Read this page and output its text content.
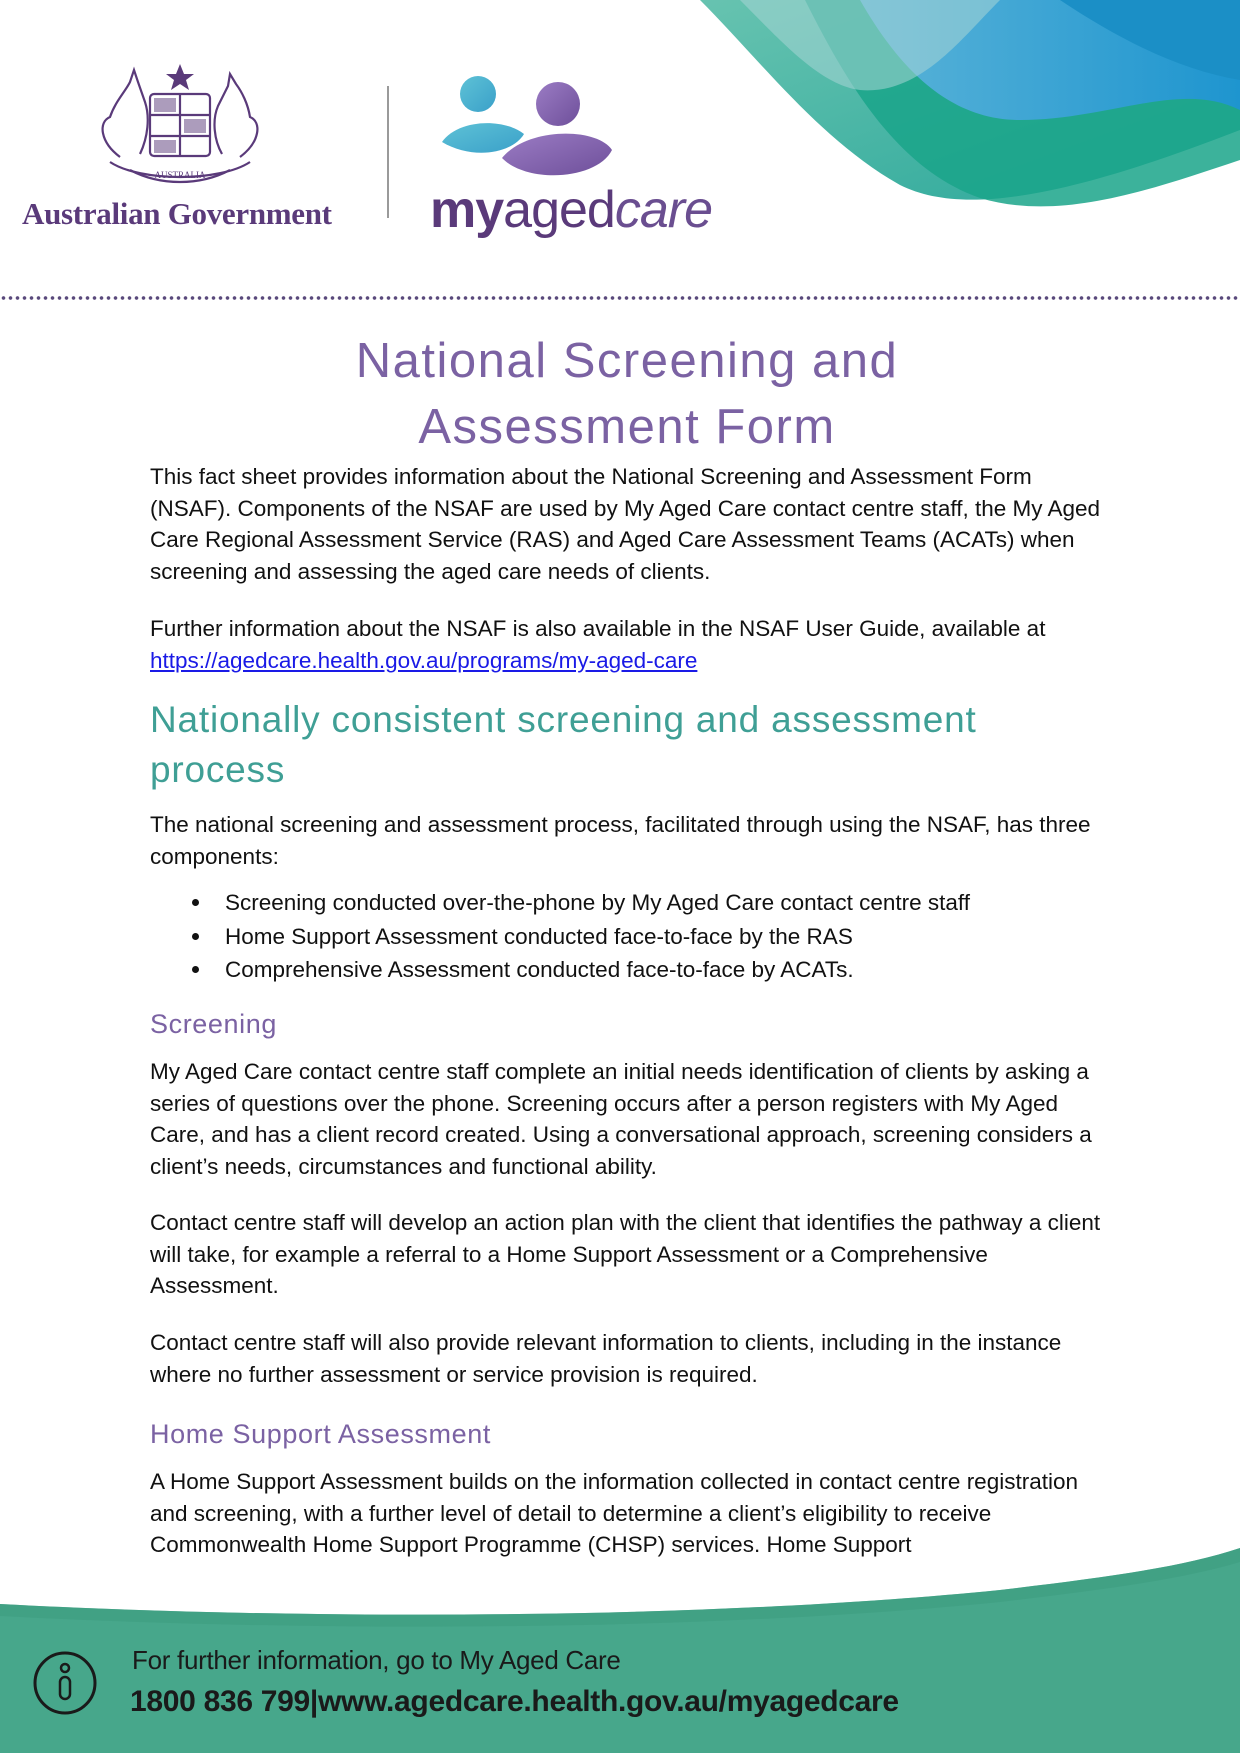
AUSTRALIA
Australian Government myagedcare
National Screening and
Assessment Form

This fact sheet provides information about the National Screening and Assessment Form (NSAF). Components of the NSAF are used by My Aged Care contact centre staff, the My Aged Care Regional Assessment Service (RAS) and Aged Care Assessment Teams (ACATs) when screening and assessing the aged care needs of clients.

Further information about the NSAF is also available in the NSAF User Guide, available at
https://agedcare.health.gov.au/programs/my-aged-care

Nationally consistent screening and assessment process

The national screening and assessment process, facilitated through using the NSAF, has three components:

Screening conducted over-the-phone by My Aged Care contact centre staff
Home Support Assessment conducted face-to-face by the RAS
Comprehensive Assessment conducted face-to-face by ACATs.
Screening

My Aged Care contact centre staff complete an initial needs identification of clients by asking a series of questions over the phone. Screening occurs after a person registers with My Aged Care, and has a client record created. Using a conversational approach, screening considers a client’s needs, circumstances and functional ability.

Contact centre staff will develop an action plan with the client that identifies the pathway a client will take, for example a referral to a Home Support Assessment or a Comprehensive Assessment.

Contact centre staff will also provide relevant information to clients, including in the instance where no further assessment or service provision is required.

Home Support Assessment

A Home Support Assessment builds on the information collected in contact centre registration and screening, with a further level of detail to determine a client’s eligibility to receive Commonwealth Home Support Programme (CHSP) services. Home Support

For further information, go to My Aged Care
1800 836 799|www.agedcare.health.gov.au/myagedcare
